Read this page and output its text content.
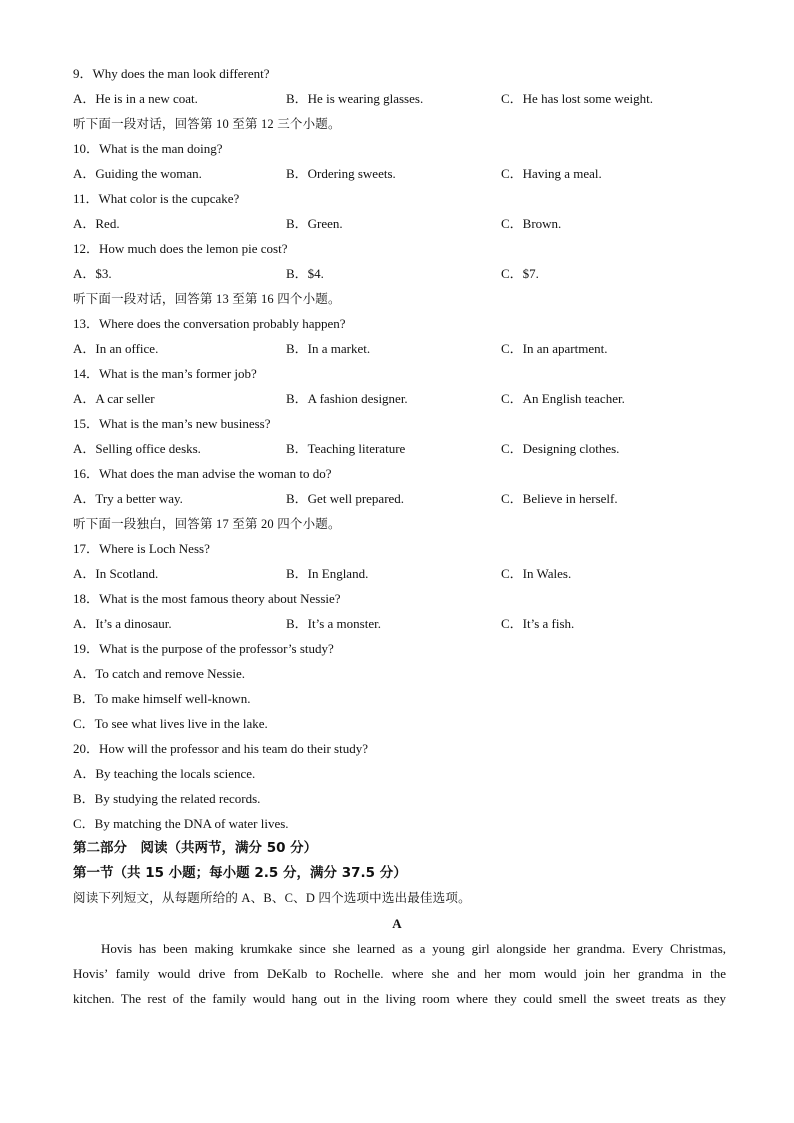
9．Why does the man look different?
A．He is in a new coat.	B．He is wearing glasses.	C．He has lost some weight.
听下面一段对话，回答第 10 至第 12 三个小题。
10．What is the man doing?
A．Guiding the woman.	B．Ordering sweets.	C．Having a meal.
11．What color is the cupcake?
A．Red.	B．Green.	C．Brown.
12．How much does the lemon pie cost?
A．$3.	B．$4.	C．$7.
听下面一段对话，回答第 13 至第 16 四个小题。
13．Where does the conversation probably happen?
A．In an office.	B．In a market.	C．In an apartment.
14．What is the man’s former job?
A．A car seller	B．A fashion designer.	C．An English teacher.
15．What is the man’s new business?
A．Selling office desks.	B．Teaching literature	C．Designing clothes.
16．What does the man advise the woman to do?
A．Try a better way.	B．Get well prepared.	C．Believe in herself.
听下面一段独白，回答第 17 至第 20 四个小题。
17．Where is Loch Ness?
A．In Scotland.	B．In England.	C．In Wales.
18．What is the most famous theory about Nessie?
A．It’s a dinosaur.	B．It’s a monster.	C．It’s a fish.
19．What is the purpose of the professor’s study?
A．To catch and remove Nessie.
B．To make himself well-known.
C．To see what lives live in the lake.
20．How will the professor and his team do their study?
A．By teaching the locals science.
B．By studying the related records.
C．By matching the DNA of water lives.
第二部分　阅读（共两节，满分 50 分）
第一节（共 15 小题；每小题 2.5 分，满分 37.5 分）
阅读下列短文，从每题所给的 A、B、C、D 四个选项中选出最佳选项。
A
Hovis has been making krumkake since she learned as a young girl alongside her grandma. Every Christmas,
Hovis’ family would drive from DeKalb to Rochelle. where she and her mom would join her grandma in the
kitchen. The rest of the family would hang out in the living room where they could smell the sweet treats as they
